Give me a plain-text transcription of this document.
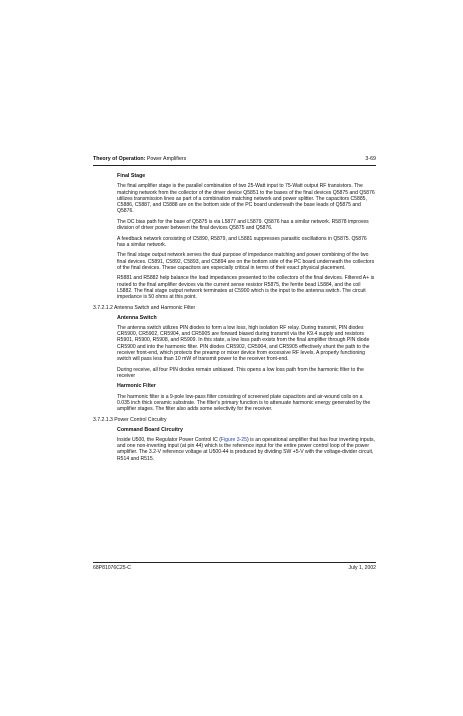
Theory of Operation: Power Amplifiers	3-69
Final Stage

The final amplifier stage is the parallel combination of two 25-Watt input to 75-Watt output RF transistors. The matching network from the collector of the driver device Q5851 to the bases of the final devices Q5875 and Q5876 utilizes transmission lines as part of a combination matching network and power splitter. The capacitors C5885, C5886, C5887, and C5888 are on the bottom side of the PC board underneath the base leads of Q5875 and Q5876.

The DC bias path for the base of Q5875 is via L5877 and L5879. Q5876 has a similar network. R5878 improves division of driver power between the final devices Q5875 and Q5876.

A feedback network consisting of C5890, R5879, and L5881 suppresses parasitic oscillations in Q5875. Q5876 has a similar network.

The final stage output network serves the dual purpose of impedance matching and power combining of the two final devices. C5891, C5892, C5893, and C5894 are on the bottom side of the PC board underneath the collectors of the final devices. These capacitors are especially critical in terms of their exact physical placement.

R5881 and R5882 help balance the load impedances presented to the collectors of the final devices. Filtered A+ is routed to the final amplifier devices via the current sense resistor R5875, the ferrite bead L5884, and the coil L5882. The final stage output network terminates at C5900 which is the input to the antenna switch. The circuit impedance is 50 ohms at this point.

3.7.2.1.2 Antenna Switch and Harmonic Filter
Antenna Switch

The antenna switch utilizes PIN diodes to form a low loss, high isolation RF relay. During transmit, PIN diodes CR5900, CR5902, CR5904, and CR5905 are forward biased during transmit via the K9.4 supply and resistors R5901, R5900, R5908, and R5909. In this state, a low loss path exists from the final amplifier through PIN diode CR5900 and into the harmonic filter. PIN diodes CR5902, CR5904, and CR5905 effectively shunt the path to the receiver front-end, which protects the preamp or mixer device from excessive RF levels. A properly functioning switch will pass less than 10 mW of transmit power to the receiver front-end.

During receive, all four PIN diodes remain unbiased. This opens a low loss path from the harmonic filter to the receiver

Harmonic Filter

The harmonic filter is a 9-pole low-pass filter consisting of screened plate capacitors and air-wound coils on a 0.035 inch thick ceramic substrate. The filter's primary function is to attenuate harmonic energy generated by the amplifier stages. The filter also adds some selectivity for the receiver.

3.7.2.1.3 Power Control Circuitry
Command Board Circuitry

Inside U500, the Regulator Power Control IC (Figure 3-25) is an operational amplifier that has four inverting inputs, and one non-inverting input (at pin 44) which is the reference input for the entire power control loop of the power amplifier. The 3.2-V reference voltage at U500-44 is produced by dividing SW +5-V with the voltage-divider circuit, R514 and R515.

68P81076C25-C	July 1, 2002
